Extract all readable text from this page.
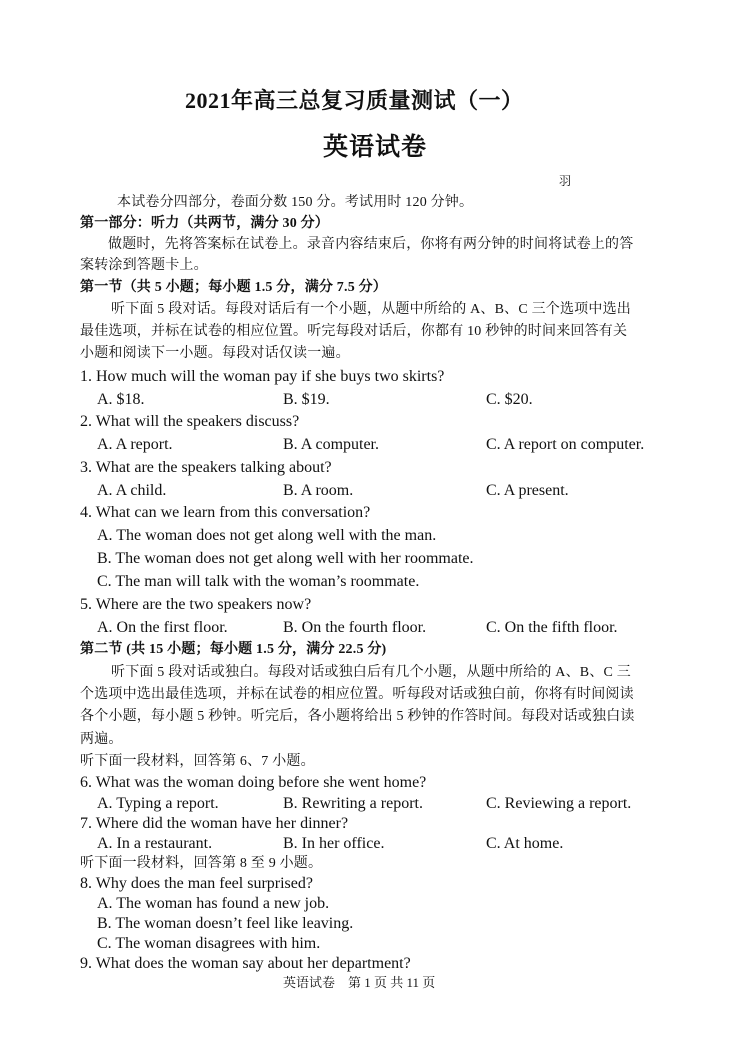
2021年高三总复习质量测试（一）
英语试卷
羽
本试卷分四部分，卷面分数 150 分。考试用时 120 分钟。
第一部分：听力（共两节，满分 30 分）
做题时，先将答案标在试卷上。录音内容结束后，你将有两分钟的时间将试卷上的答
案转涂到答题卡上。
第一节（共 5 小题；每小题 1.5 分，满分 7.5 分）
听下面 5 段对话。每段对话后有一个小题，从题中所给的 A、B、C 三个选项中选出
最佳选项，并标在试卷的相应位置。听完每段对话后，你都有 10 秒钟的时间来回答有关
小题和阅读下一小题。每段对话仅读一遍。
1. How much will the woman pay if she buys two skirts?
A. $18.	B. $19.	C. $20.
2. What will the speakers discuss?
A. A report.	B. A computer.	C. A report on computer.
3. What are the speakers talking about?
A. A child.	B. A room.	C. A present.
4. What can we learn from this conversation?
A. The woman does not get along well with the man.
B. The woman does not get along well with her roommate.
C. The man will talk with the woman’s roommate.
5. Where are the two speakers now?
A. On the first floor.	B. On the fourth floor.	C. On the fifth floor.
第二节 (共 15 小题；每小题 1.5 分，满分 22.5 分)
听下面 5 段对话或独白。每段对话或独白后有几个小题，从题中所给的 A、B、C 三
个选项中选出最佳选项，并标在试卷的相应位置。听每段对话或独白前，你将有时间阅读
各个小题，每小题 5 秒钟。听完后，各小题将给出 5 秒钟的作答时间。每段对话或独白读
两遍。
听下面一段材料，回答第 6、7 小题。
6. What was the woman doing before she went home?
A. Typing a report.	B. Rewriting a report.	C. Reviewing a report.
7. Where did the woman have her dinner?
A. In a restaurant.	B. In her office.	C. At home.
听下面一段材料，回答第 8 至 9 小题。
8. Why does the man feel surprised?
A. The woman has found a new job.
B. The woman doesn’t feel like leaving.
C. The woman disagrees with him.
9. What does the woman say about her department?
英语试卷　第 1 页 共 11 页
